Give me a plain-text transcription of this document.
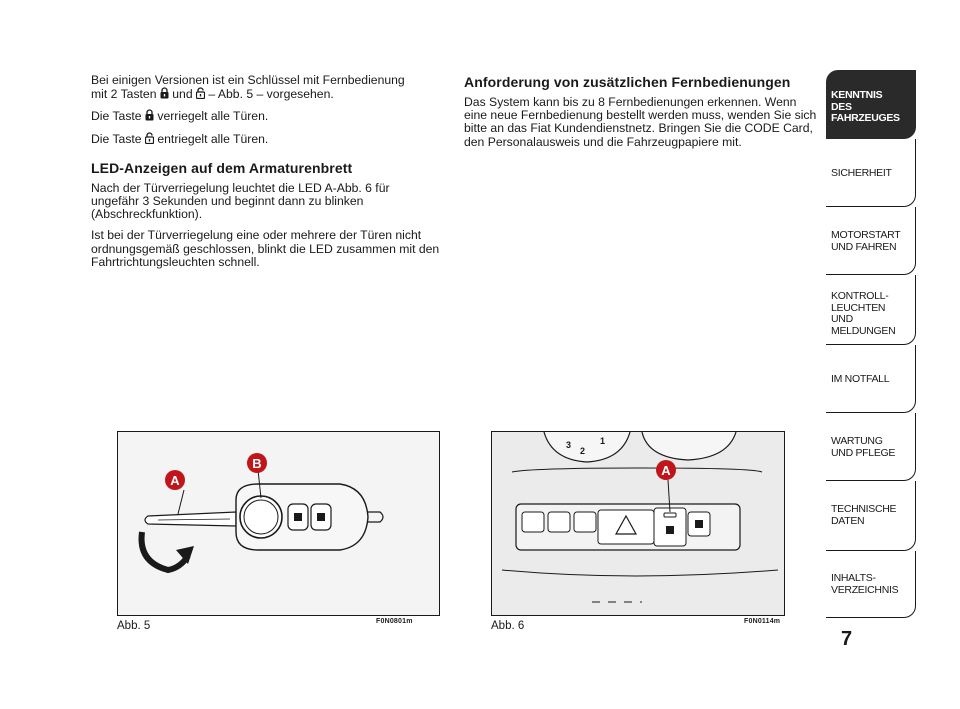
Bei einigen Versionen ist ein Schlüssel mit Fernbedienung
mit 2 Tasten und – Abb. 5 – vorgesehen.

Die Taste verriegelt alle Türen.

Die Taste entriegelt alle Türen.

LED-Anzeigen auf dem Armaturenbrett

Nach der Türverriegelung leuchtet die LED A-Abb. 6 für ungefähr 3 Sekunden und beginnt dann zu blinken (Abschreckfunktion).

Ist bei der Türverriegelung eine oder mehrere der Türen nicht ordnungsgemäß geschlossen, blinkt die LED zusammen mit den Fahrtrichtungsleuchten schnell.

Anforderung von zusätzlichen Fernbedienungen

Das System kann bis zu 8 Fernbedienungen erkennen. Wenn eine neue Fernbedienung bestellt werden muss, wenden Sie sich bitte an das Fiat Kundendienstnetz. Bringen Sie die CODE Card, den Personalausweis und die Fahrzeugpapiere mit.

A
B
Abb. 5	F0N0801m
3
2
1
A
Abb. 6	F0N0114m
KENNTNIS
DES FAHRZEUGES
SICHERHEIT
MOTORSTART
UND FAHREN
KONTROLL-
LEUCHTEN
UND MELDUNGEN
IM NOTFALL
WARTUNG
UND PFLEGE
TECHNISCHE
DATEN
INHALTS-
VERZEICHNIS
7
